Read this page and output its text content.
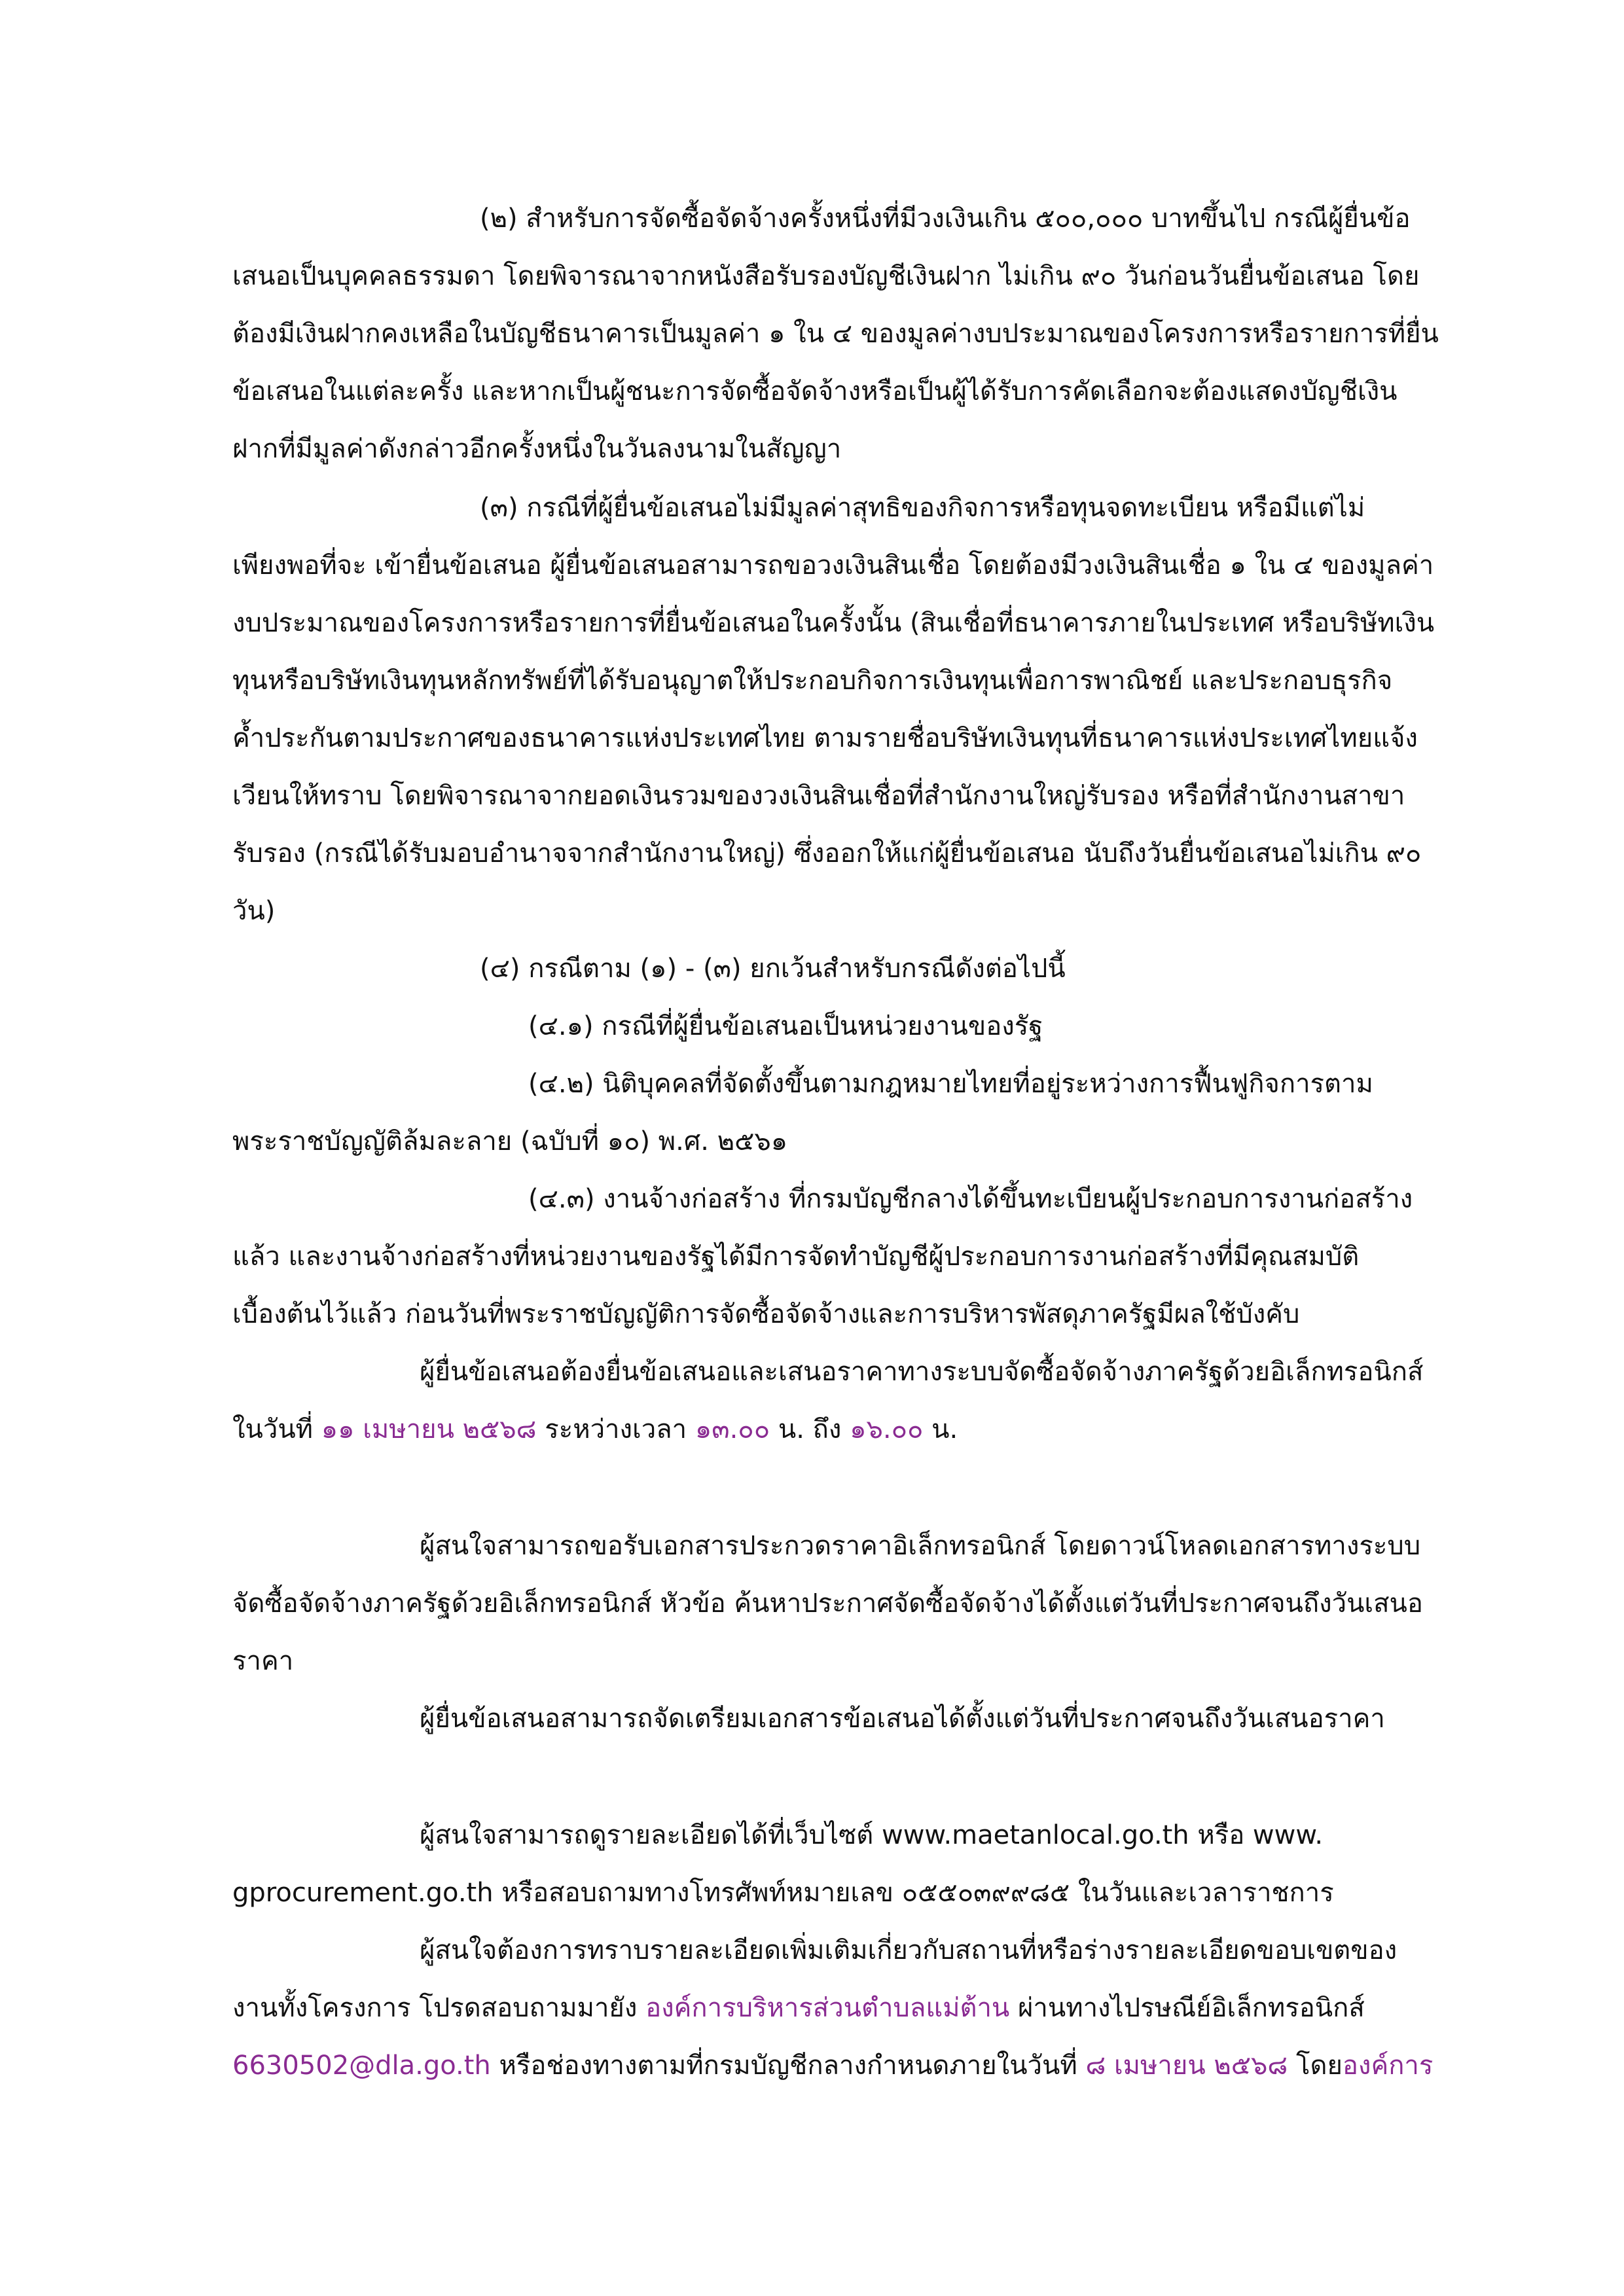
(๒) สำหรับการจัดซื้อจัดจ้างครั้งหนึ่งที่มีวงเงินเกิน ๕๐๐,๐๐๐ บาทขึ้นไป กรณีผู้ยื่นข้อ

เสนอเป็นบุคคลธรรมดา โดยพิจารณาจากหนังสือรับรองบัญชีเงินฝาก ไม่เกิน ๙๐ วันก่อนวันยื่นข้อเสนอ โดย

ต้องมีเงินฝากคงเหลือในบัญชีธนาคารเป็นมูลค่า ๑ ใน ๔ ของมูลค่างบประมาณของโครงการหรือรายการที่ยื่น

ข้อเสนอในแต่ละครั้ง และหากเป็นผู้ชนะการจัดซื้อจัดจ้างหรือเป็นผู้ได้รับการคัดเลือกจะต้องแสดงบัญชีเงิน

ฝากที่มีมูลค่าดังกล่าวอีกครั้งหนึ่งในวันลงนามในสัญญา

(๓) กรณีที่ผู้ยื่นข้อเสนอไม่มีมูลค่าสุทธิของกิจการหรือทุนจดทะเบียน หรือมีแต่ไม่

เพียงพอที่จะ เข้ายื่นข้อเสนอ ผู้ยื่นข้อเสนอสามารถขอวงเงินสินเชื่อ โดยต้องมีวงเงินสินเชื่อ ๑ ใน ๔ ของมูลค่า

งบประมาณของโครงการหรือรายการที่ยื่นข้อเสนอในครั้งนั้น (สินเชื่อที่ธนาคารภายในประเทศ หรือบริษัทเงิน

ทุนหรือบริษัทเงินทุนหลักทรัพย์ที่ได้รับอนุญาตให้ประกอบกิจการเงินทุนเพื่อการพาณิชย์ และประกอบธุรกิจ

ค้ำประกันตามประกาศของธนาคารแห่งประเทศไทย ตามรายชื่อบริษัทเงินทุนที่ธนาคารแห่งประเทศไทยแจ้ง

เวียนให้ทราบ โดยพิจารณาจากยอดเงินรวมของวงเงินสินเชื่อที่สำนักงานใหญ่รับรอง หรือที่สำนักงานสาขา

รับรอง (กรณีได้รับมอบอำนาจจากสำนักงานใหญ่) ซึ่งออกให้แก่ผู้ยื่นข้อเสนอ นับถึงวันยื่นข้อเสนอไม่เกิน ๙๐

วัน)

(๔) กรณีตาม (๑) - (๓) ยกเว้นสำหรับกรณีดังต่อไปนี้

(๔.๑) กรณีที่ผู้ยื่นข้อเสนอเป็นหน่วยงานของรัฐ

(๔.๒) นิติบุคคลที่จัดตั้งขึ้นตามกฎหมายไทยที่อยู่ระหว่างการฟื้นฟูกิจการตาม

พระราชบัญญัติล้มละลาย (ฉบับที่ ๑๐) พ.ศ. ๒๕๖๑

(๔.๓) งานจ้างก่อสร้าง ที่กรมบัญชีกลางได้ขึ้นทะเบียนผู้ประกอบการงานก่อสร้าง

แล้ว และงานจ้างก่อสร้างที่หน่วยงานของรัฐได้มีการจัดทำบัญชีผู้ประกอบการงานก่อสร้างที่มีคุณสมบัติ

เบื้องต้นไว้แล้ว ก่อนวันที่พระราชบัญญัติการจัดซื้อจัดจ้างและการบริหารพัสดุภาครัฐมีผลใช้บังคับ

ผู้ยื่นข้อเสนอต้องยื่นข้อเสนอและเสนอราคาทางระบบจัดซื้อจัดจ้างภาครัฐด้วยอิเล็กทรอนิกส์

ในวันที่ ๑๑ เมษายน ๒๕๖๘ ระหว่างเวลา ๑๓.๐๐ น. ถึง ๑๖.๐๐ น.

ผู้สนใจสามารถขอรับเอกสารประกวดราคาอิเล็กทรอนิกส์ โดยดาวน์โหลดเอกสารทางระบบ

จัดซื้อจัดจ้างภาครัฐด้วยอิเล็กทรอนิกส์ หัวข้อ ค้นหาประกาศจัดซื้อจัดจ้างได้ตั้งแต่วันที่ประกาศจนถึงวันเสนอ

ราคา

ผู้ยื่นข้อเสนอสามารถจัดเตรียมเอกสารข้อเสนอได้ตั้งแต่วันที่ประกาศจนถึงวันเสนอราคา

ผู้สนใจสามารถดูรายละเอียดได้ที่เว็บไซต์ www.maetanlocal.go.th หรือ www.

gprocurement.go.th หรือสอบถามทางโทรศัพท์หมายเลข ๐๕๕๐๓๙๙๘๕ ในวันและเวลาราชการ

ผู้สนใจต้องการทราบรายละเอียดเพิ่มเติมเกี่ยวกับสถานที่หรือร่างรายละเอียดขอบเขตของ

งานทั้งโครงการ โปรดสอบถามมายัง องค์การบริหารส่วนตำบลแม่ต้าน ผ่านทางไปรษณีย์อิเล็กทรอนิกส์

6630502@dla.go.th หรือช่องทางตามที่กรมบัญชีกลางกำหนดภายในวันที่ ๘ เมษายน ๒๕๖๘ โดยองค์การ
